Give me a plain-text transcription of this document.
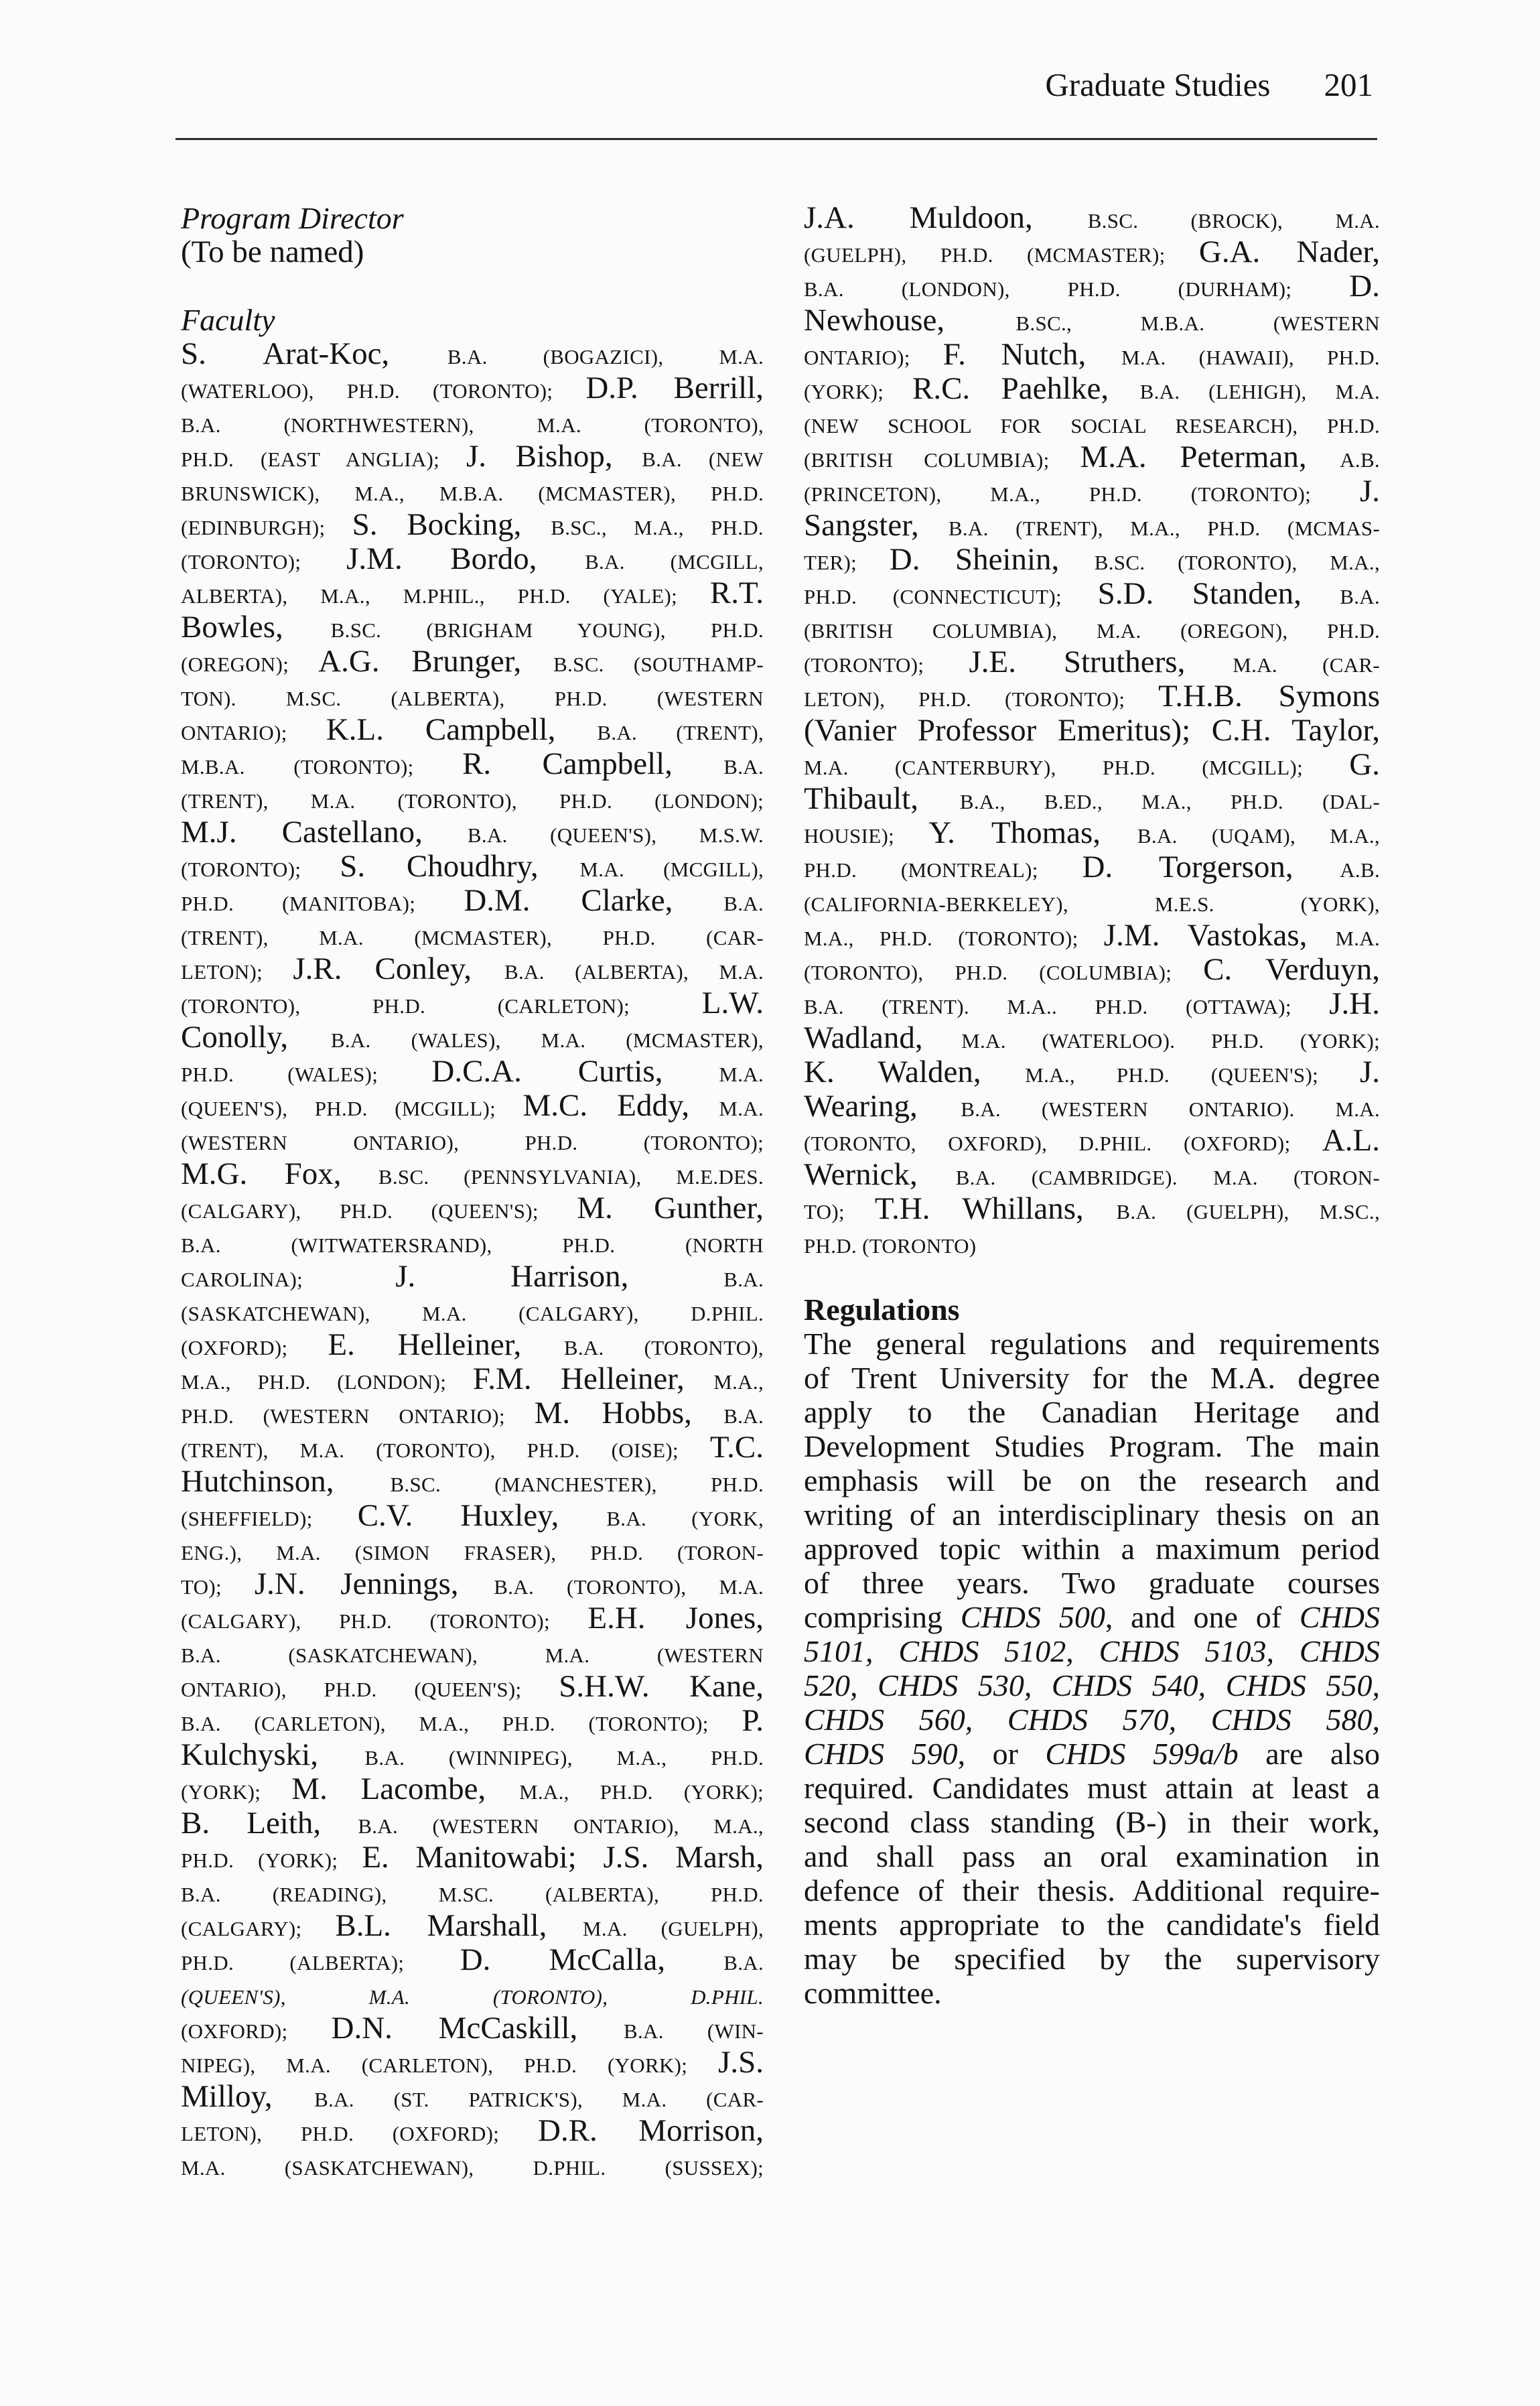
Graduate Studies 201
Program Director
(To be named)
Faculty
S. Arat-Koc, B.A. (BOGAZICI), M.A.
(WATERLOO), PH.D. (TORONTO); D.P. Berrill,
B.A. (NORTHWESTERN), M.A. (TORONTO),
PH.D. (EAST ANGLIA); J. Bishop, B.A. (NEW
BRUNSWICK), M.A., M.B.A. (MCMASTER), PH.D.
(EDINBURGH); S. Bocking, B.SC., M.A., PH.D.
(TORONTO); J.M. Bordo, B.A. (MCGILL,
ALBERTA), M.A., M.PHIL., PH.D. (YALE); R.T.
Bowles, B.SC. (BRIGHAM YOUNG), PH.D.
(OREGON); A.G. Brunger, B.SC. (SOUTHAMP-
TON). M.SC. (ALBERTA), PH.D. (WESTERN
ONTARIO); K.L. Campbell, B.A. (TRENT),
M.B.A. (TORONTO); R. Campbell, B.A.
(TRENT), M.A. (TORONTO), PH.D. (LONDON);
M.J. Castellano, B.A. (QUEEN'S), M.S.W.
(TORONTO); S. Choudhry, M.A. (MCGILL),
PH.D. (MANITOBA); D.M. Clarke, B.A.
(TRENT), M.A. (MCMASTER), PH.D. (CAR-
LETON); J.R. Conley, B.A. (ALBERTA), M.A.
(TORONTO), PH.D. (CARLETON); L.W.
Conolly, B.A. (WALES), M.A. (MCMASTER),
PH.D. (WALES); D.C.A. Curtis, M.A.
(QUEEN'S), PH.D. (MCGILL); M.C. Eddy, M.A.
(WESTERN ONTARIO), PH.D. (TORONTO);
M.G. Fox, B.SC. (PENNSYLVANIA), M.E.DES.
(CALGARY), PH.D. (QUEEN'S); M. Gunther,
B.A. (WITWATERSRAND), PH.D. (NORTH
CAROLINA); J. Harrison, B.A.
(SASKATCHEWAN), M.A. (CALGARY), D.PHIL.
(OXFORD); E. Helleiner, B.A. (TORONTO),
M.A., PH.D. (LONDON); F.M. Helleiner, M.A.,
PH.D. (WESTERN ONTARIO); M. Hobbs, B.A.
(TRENT), M.A. (TORONTO), PH.D. (OISE); T.C.
Hutchinson, B.SC. (MANCHESTER), PH.D.
(SHEFFIELD); C.V. Huxley, B.A. (YORK,
ENG.), M.A. (SIMON FRASER), PH.D. (TORON-
TO); J.N. Jennings, B.A. (TORONTO), M.A.
(CALGARY), PH.D. (TORONTO); E.H. Jones,
B.A. (SASKATCHEWAN), M.A. (WESTERN
ONTARIO), PH.D. (QUEEN'S); S.H.W. Kane,
B.A. (CARLETON), M.A., PH.D. (TORONTO); P.
Kulchyski, B.A. (WINNIPEG), M.A., PH.D.
(YORK); M. Lacombe, M.A., PH.D. (YORK);
B. Leith, B.A. (WESTERN ONTARIO), M.A.,
PH.D. (YORK); E. Manitowabi; J.S. Marsh,
B.A. (READING), M.SC. (ALBERTA), PH.D.
(CALGARY); B.L. Marshall, M.A. (GUELPH),
PH.D. (ALBERTA); D. McCalla, B.A.
(QUEEN'S), M.A. (TORONTO), D.PHIL.
(OXFORD); D.N. McCaskill, B.A. (WIN-
NIPEG), M.A. (CARLETON), PH.D. (YORK); J.S.
Milloy, B.A. (ST. PATRICK'S), M.A. (CAR-
LETON), PH.D. (OXFORD); D.R. Morrison,
M.A. (SASKATCHEWAN), D.PHIL. (SUSSEX);
J.A. Muldoon, B.SC. (BROCK), M.A.
(GUELPH), PH.D. (MCMASTER); G.A. Nader,
B.A. (LONDON), PH.D. (DURHAM); D.
Newhouse, B.SC., M.B.A. (WESTERN
ONTARIO); F. Nutch, M.A. (HAWAII), PH.D.
(YORK); R.C. Paehlke, B.A. (LEHIGH), M.A.
(NEW SCHOOL FOR SOCIAL RESEARCH), PH.D.
(BRITISH COLUMBIA); M.A. Peterman, A.B.
(PRINCETON), M.A., PH.D. (TORONTO); J.
Sangster, B.A. (TRENT), M.A., PH.D. (MCMAS-
TER); D. Sheinin, B.SC. (TORONTO), M.A.,
PH.D. (CONNECTICUT); S.D. Standen, B.A.
(BRITISH COLUMBIA), M.A. (OREGON), PH.D.
(TORONTO); J.E. Struthers, M.A. (CAR-
LETON), PH.D. (TORONTO); T.H.B. Symons
(Vanier Professor Emeritus); C.H. Taylor,
M.A. (CANTERBURY), PH.D. (MCGILL); G.
Thibault, B.A., B.ED., M.A., PH.D. (DAL-
HOUSIE); Y. Thomas, B.A. (UQAM), M.A.,
PH.D. (MONTREAL); D. Torgerson, A.B.
(CALIFORNIA-BERKELEY), M.E.S. (YORK),
M.A., PH.D. (TORONTO); J.M. Vastokas, M.A.
(TORONTO), PH.D. (COLUMBIA); C. Verduyn,
B.A. (TRENT). M.A.. PH.D. (OTTAWA); J.H.
Wadland, M.A. (WATERLOO). PH.D. (YORK);
K. Walden, M.A., PH.D. (QUEEN'S); J.
Wearing, B.A. (WESTERN ONTARIO). M.A.
(TORONTO, OXFORD), D.PHIL. (OXFORD); A.L.
Wernick, B.A. (CAMBRIDGE). M.A. (TORON-
TO); T.H. Whillans, B.A. (GUELPH), M.SC.,
PH.D. (TORONTO)
Regulations
The general regulations and requirements
of Trent University for the M.A. degree
apply to the Canadian Heritage and
Development Studies Program. The main
emphasis will be on the research and
writing of an interdisciplinary thesis on an
approved topic within a maximum period
of three years. Two graduate courses
comprising CHDS 500, and one of CHDS
5101, CHDS 5102, CHDS 5103, CHDS
520, CHDS 530, CHDS 540, CHDS 550,
CHDS 560, CHDS 570, CHDS 580,
CHDS 590, or CHDS 599a/b are also
required. Candidates must attain at least a
second class standing (B-) in their work,
and shall pass an oral examination in
defence of their thesis. Additional require-
ments appropriate to the candidate's field
may be specified by the supervisory
committee.
